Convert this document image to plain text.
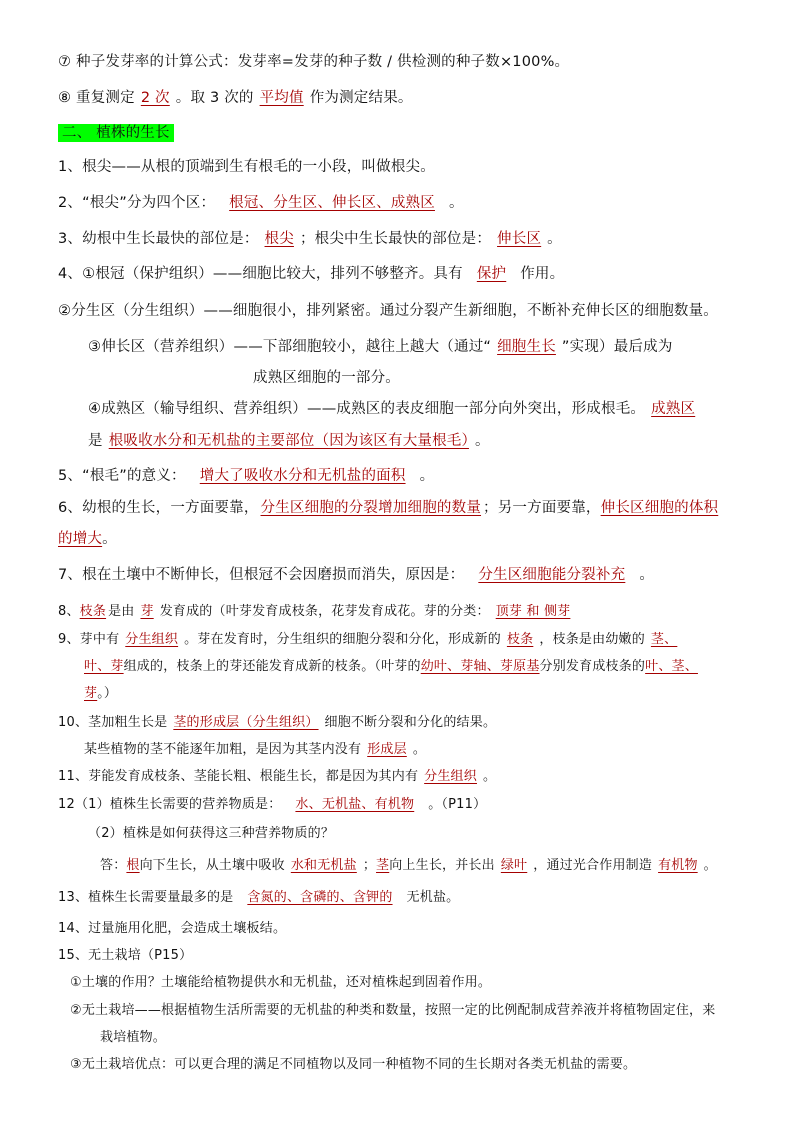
⑦ 种子发芽率的计算公式：发芽率=发芽的种子数 / 供检测的种子数×100%。
⑧ 重复测定 2 次 。取 3 次的 平均值 作为测定结果。
二、 植株的生长
1、根尖——从根的顶端到生有根毛的一小段，叫做根尖。
2、“根尖”分为四个区： 根冠、分生区、伸长区、成熟区 。
3、幼根中生长最快的部位是： 根尖 ；根尖中生长最快的部位是： 伸长区 。
4、①根冠（保护组织）——细胞比较大，排列不够整齐。具有 保护 作用。
②分生区（分生组织）——细胞很小，排列紧密。通过分裂产生新细胞，不断补充伸长区的细胞数量。
③伸长区（营养组织）——下部细胞较小，越往上越大（通过“ 细胞生长 ”实现）最后成为
成熟区细胞的一部分。
④成熟区（输导组织、营养组织）——成熟区的表皮细胞一部分向外突出，形成根毛。 成熟区
是 根吸收水分和无机盐的主要部位（因为该区有大量根毛） 。
5、“根毛”的意义： 增大了吸收水分和无机盐的面积 。
6、幼根的生长，一方面要靠， 分生区细胞的分裂增加细胞的数量 ；另一方面要靠，伸长区细胞的体积
的增大。
7、根在土壤中不断伸长，但根冠不会因磨损而消失，原因是： 分生区细胞能分裂补充 。
8、枝条 是由 芽 发育成的（叶芽发育成枝条，花芽发育成花。芽的分类： 顶芽 和 侧芽
9、芽中有 分生组织 。芽在发育时，分生组织的细胞分裂和分化，形成新的 枝条 ，枝条是由幼嫩的 茎、
叶、芽组成的，枝条上的芽还能发育成新的枝条。（叶芽的幼叶、芽轴、芽原基分别发育成枝条的叶、茎、
芽。）
10、茎加粗生长是 茎的形成层（分生组织） 细胞不断分裂和分化的结果。
某些植物的茎不能逐年加粗，是因为其茎内没有 形成层 。
11、芽能发育成枝条、茎能长粗、根能生长，都是因为其内有 分生组织 。
12（1）植株生长需要的营养物质是： 水、无机盐、有机物 。（P11）
（2）植株是如何获得这三种营养物质的？
答：根向下生长，从土壤中吸收 水和无机盐 ；茎向上生长，并长出 绿叶 ，通过光合作用制造 有机物 。
13、植株生长需要量最多的是 含氮的、含磷的、含钾的 无机盐。
14、过量施用化肥，会造成土壤板结。
15、无土栽培（P15）
①土壤的作用？土壤能给植物提供水和无机盐，还对植株起到固着作用。
②无土栽培——根据植物生活所需要的无机盐的种类和数量，按照一定的比例配制成营养液并将植物固定住，来
栽培植物。
③无土栽培优点：可以更合理的满足不同植物以及同一种植物不同的生长期对各类无机盐的需要。
